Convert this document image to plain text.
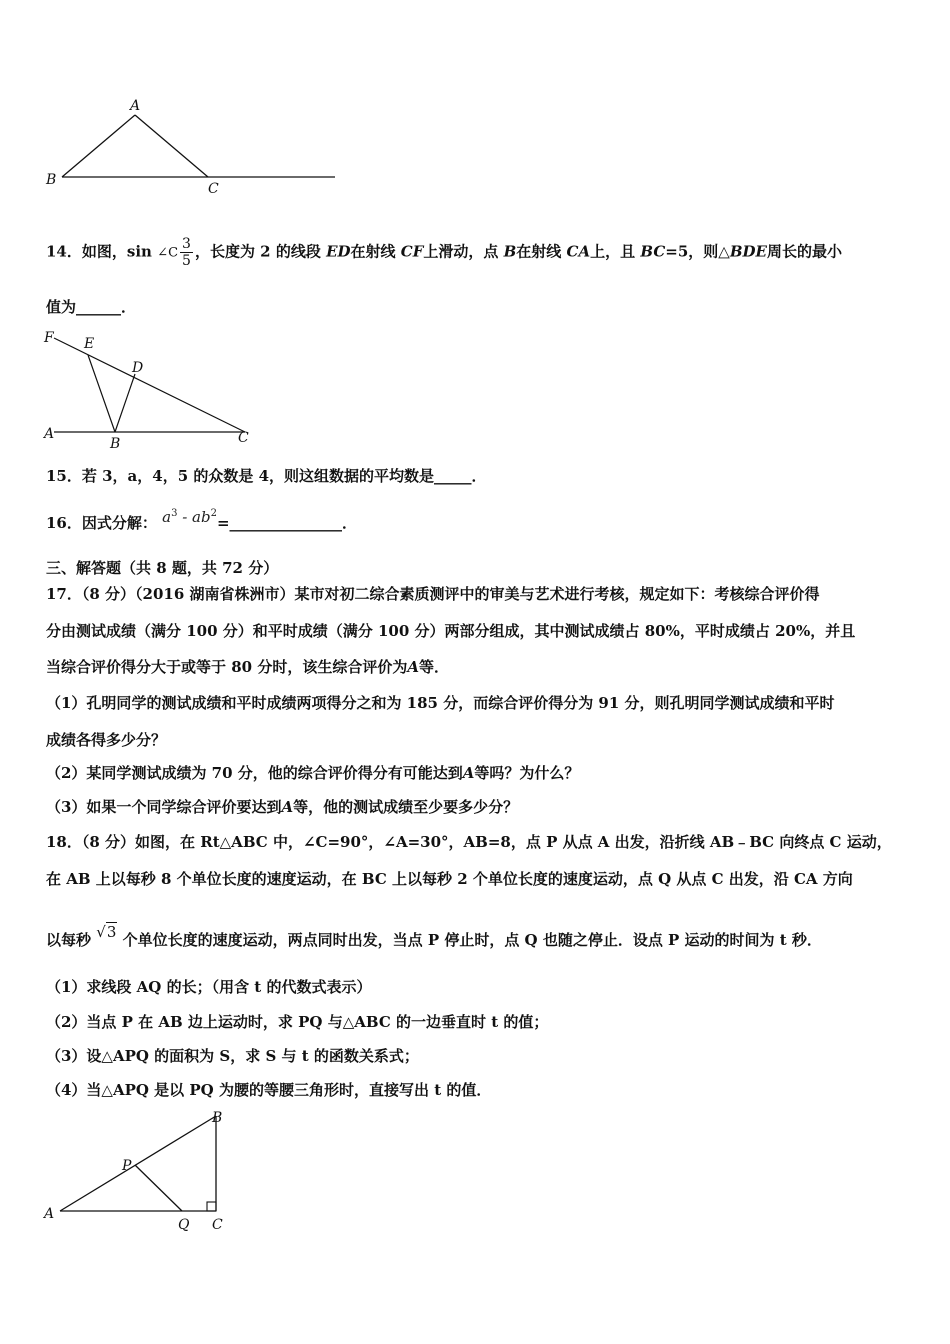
A
B
C
14．如图，sin ∠C $\frac{3}{5}$ ，长度为 2 的线段 ED在射线 CF上滑动，点 B在射线 CA上，且 BC=5，则△BDE周长的最小
值为______．
F E
D
A
B	C
15．若 3，a，4，5 的众数是 4，则这组数据的平均数是_____．
16．因式分解： $a^3$ - $ab^2=\_\_\_\_\_\_\_\_\_\_\_\_\_\_\_$．
三、解答题（共 8 题，共 72 分）
17．（8 分）（2016 湖南省株洲市）某市对初二综合素质测评中的审美与艺术进行考核，规定如下：考核综合评价得
分由测试成绩（满分 100 分）和平时成绩（满分 100 分）两部分组成，其中测试成绩占 80%，平时成绩占 20%，并且
当综合评价得分大于或等于 80 分时，该生综合评价为A等．
（1）孔明同学的测试成绩和平时成绩两项得分之和为 185 分，而综合评价得分为 91 分，则孔明同学测试成绩和平时
成绩各得多少分？
（2）某同学测试成绩为 70 分，他的综合评价得分有可能达到A等吗？为什么？
（3）如果一个同学综合评价要达到A等，他的测试成绩至少要多少分？
18．（8 分）如图，在 Rt△ABC 中，∠C=90°，∠A=30°，AB=8，点 P 从点 A 出发，沿折线 AB﹣BC 向终点 C 运动，
在 AB 上以每秒 8 个单位长度的速度运动，在 BC 上以每秒 2 个单位长度的速度运动，点 Q 从点 C 出发，沿 CA 方向
以每秒 √3 个单位长度的速度运动，两点同时出发，当点 P 停止时，点 Q 也随之停止．设点 P 运动的时间为 t 秒．
（1）求线段 AQ 的长；（用含 t 的代数式表示）
（2）当点 P 在 AB 边上运动时，求 PQ 与△ABC 的一边垂直时 t 的值；
（3）设△APQ 的面积为 S，求 S 与 t 的函数关系式；
（4）当△APQ 是以 PQ 为腰的等腰三角形时，直接写出 t 的值．
B
P
A
Q C
